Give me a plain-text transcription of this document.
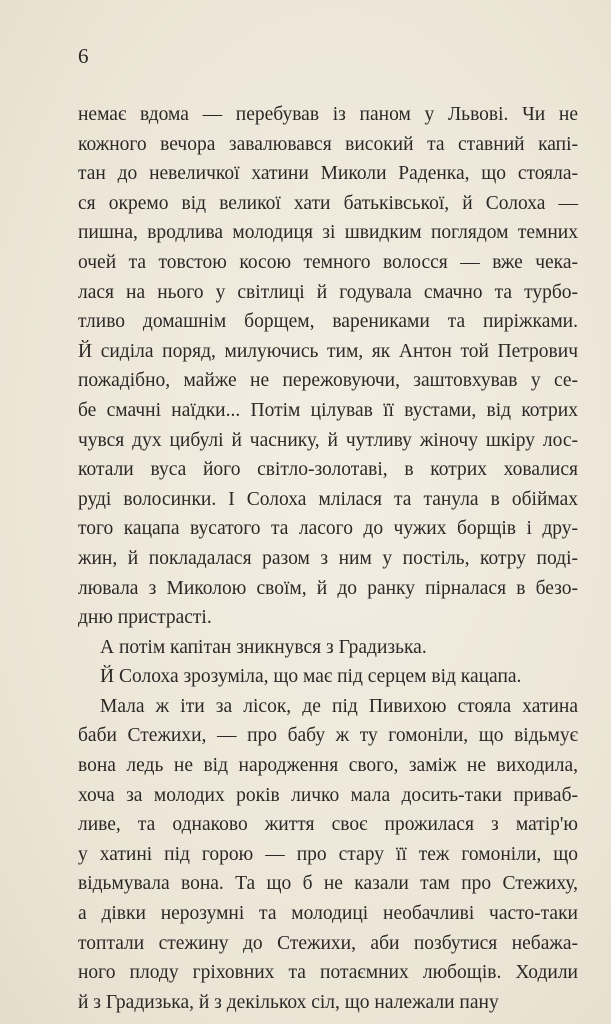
6
немає вдома — перебував із паном у Львові. Чи не
кожного вечора завалювався високий та ставний капі-
тан до невеличкої хатини Миколи Раденка, що стояла-
ся окремо від великої хати батьківської, й Солоха —
пишна, вродлива молодиця зі швидким поглядом темних
очей та товстою косою темного волосся — вже чека-
лася на нього у світлиці й годувала смачно та турбо-
тливо домашнім борщем, варениками та пиріжками.
Й сиділа поряд, милуючись тим, як Антон той Петрович
пожадібно, майже не пережовуючи, заштовхував у се-
бе смачні наїдки... Потім цілував її вустами, від котрих
чувся дух цибулі й часнику, й чутливу жіночу шкіру лос-
котали вуса його світло-золотаві, в котрих ховалися
руді волосинки. І Солоха млілася та танула в обіймах
того кацапа вусатого та ласого до чужих борщів і дру-
жин, й покладалася разом з ним у постіль, котру поді-
лювала з Миколою своїм, й до ранку пірналася в безо-
дню пристрасті.
А потім капітан зникнувся з Градизька.
Й Солоха зрозуміла, що має під серцем від кацапа.
Мала ж іти за лісок, де під Пивихою стояла хатина
баби Стежихи, — про бабу ж ту гомоніли, що відьмує
вона ледь не від народження свого, заміж не виходила,
хоча за молодих років личко мала досить-таки приваб-
ливе, та однаково життя своє прожилася з матір'ю
у хатині під горою — про стару її теж гомоніли, що
відьмувала вона. Та що б не казали там про Стежиху,
а дівки нерозумні та молодиці необачливі часто-таки
топтали стежину до Стежихи, аби позбутися небажа-
ного плоду гріховних та потаємних любощів. Ходили
й з Градизька, й з декількох сіл, що належали пану
